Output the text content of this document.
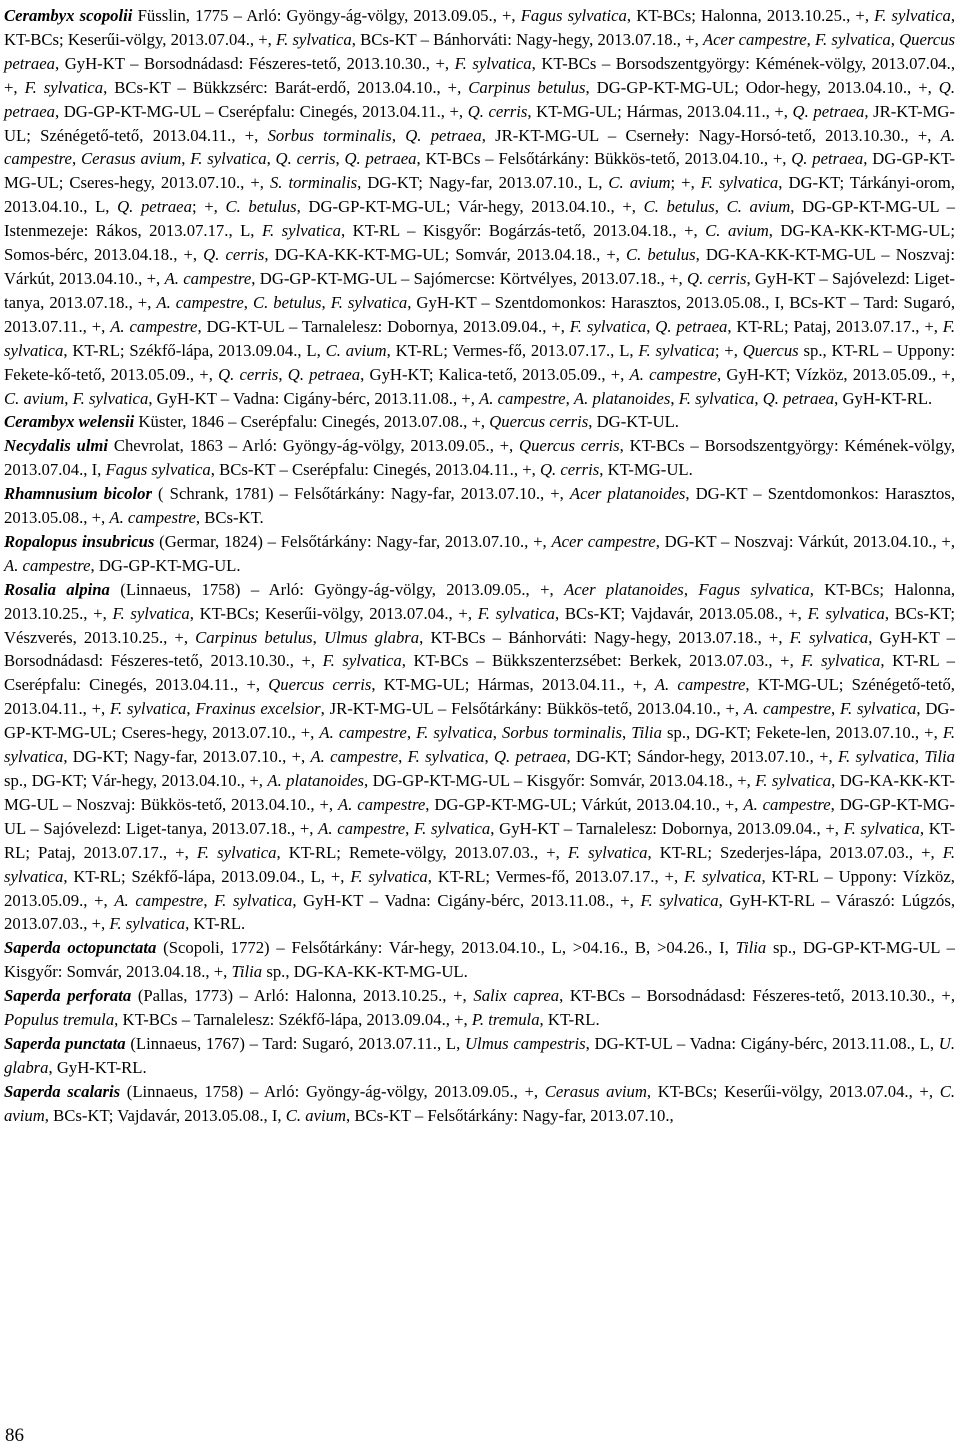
Cerambyx scopolii Füsslin, 1775 – Arló: Gyöngy-ág-völgy, 2013.09.05., +, Fagus sylvatica, KT-BCs; Halonna, 2013.10.25., +, F. sylvatica, KT-BCs; Keserűi-völgy, 2013.07.04., +, F. sylvatica, BCs-KT – Bánhorváti: Nagy-hegy, 2013.07.18., +, Acer campestre, F. sylvatica, Quercus petraea, GyH-KT – Borsodnádasd: Fészeres-tető, 2013.10.30., +, F. sylvatica, KT-BCs – Borsodszentgyörgy: Kémének-völgy, 2013.07.04., +, F. sylvatica, BCs-KT – Bükkzsérc: Barát-erdő, 2013.04.10., +, Carpinus betulus, DG-GP-KT-MG-UL; Odor-hegy, 2013.04.10., +, Q. petraea, DG-GP-KT-MG-UL – Cserépfalu: Cinegés, 2013.04.11., +, Q. cerris, KT-MG-UL; Hármas, 2013.04.11., +, Q. petraea, JR-KT-MG-UL; Szénégető-tető, 2013.04.11., +, Sorbus torminalis, Q. petraea, JR-KT-MG-UL – Cserneły: Nagy-Horsó-tető, 2013.10.30., +, A. campestre, Cerasus avium, F. sylvatica, Q. cerris, Q. petraea, KT-BCs – Felsőtárkány: Bükkös-tető, 2013.04.10., +, Q. petraea, DG-GP-KT-MG-UL; Cseres-hegy, 2013.07.10., +, S. torminalis, DG-KT; Nagy-far, 2013.07.10., L, C. avium; +, F. sylvatica, DG-KT; Tárkányi-orom, 2013.04.10., L, Q. petraea; +, C. betulus, DG-GP-KT-MG-UL; Vár-hegy, 2013.04.10., +, C. betulus, C. avium, DG-GP-KT-MG-UL – Istenmezeje: Rákos, 2013.07.17., L, F. sylvatica, KT-RL – Kisgyőr: Bogárzás-tető, 2013.04.18., +, C. avium, DG-KA-KK-KT-MG-UL; Somos-bérc, 2013.04.18., +, Q. cerris, DG-KA-KK-KT-MG-UL; Somvár, 2013.04.18., +, C. betulus, DG-KA-KK-KT-MG-UL – Noszvaj: Várkút, 2013.04.10., +, A. campestre, DG-GP-KT-MG-UL – Sajómercse: Körtvélyes, 2013.07.18., +, Q. cerris, GyH-KT – Sajóvelezd: Liget-tanya, 2013.07.18., +, A. campestre, C. betulus, F. sylvatica, GyH-KT – Szentdomonkos: Harasztos, 2013.05.08., I, BCs-KT – Tard: Sugaró, 2013.07.11., +, A. campestre, DG-KT-UL – Tarnalelesz: Dobornya, 2013.09.04., +, F. sylvatica, Q. petraea, KT-RL; Pataj, 2013.07.17., +, F. sylvatica, KT-RL; Székfő-lápa, 2013.09.04., L, C. avium, KT-RL; Vermes-fő, 2013.07.17., L, F. sylvatica; +, Quercus sp., KT-RL – Uppony: Fekete-kő-tető, 2013.05.09., +, Q. cerris, Q. petraea, GyH-KT; Kalica-tető, 2013.05.09., +, A. campestre, GyH-KT; Vízköz, 2013.05.09., +, C. avium, F. sylvatica, GyH-KT – Vadna: Cigány-bérc, 2013.11.08., +, A. campestre, A. platanoides, F. sylvatica, Q. petraea, GyH-KT-RL.

Cerambyx welensii Küster, 1846 – Cserépfalu: Cinegés, 2013.07.08., +, Quercus cerris, DG-KT-UL.

Necydalis ulmi Chevrolat, 1863 – Arló: Gyöngy-ág-völgy, 2013.09.05., +, Quercus cerris, KT-BCs – Borsodszentgyörgy: Kémének-völgy, 2013.07.04., I, Fagus sylvatica, BCs-KT – Cserépfalu: Cinegés, 2013.04.11., +, Q. cerris, KT-MG-UL.

Rhamnusium bicolor ( Schrank, 1781) – Felsőtárkány: Nagy-far, 2013.07.10., +, Acer platanoides, DG-KT – Szentdomonkos: Harasztos, 2013.05.08., +, A. campestre, BCs-KT.

Ropalopus insubricus (Germar, 1824) – Felsőtárkány: Nagy-far, 2013.07.10., +, Acer campestre, DG-KT – Noszvaj: Várkút, 2013.04.10., +, A. campestre, DG-GP-KT-MG-UL.

Rosalia alpina (Linnaeus, 1758) – Arló: Gyöngy-ág-völgy, 2013.09.05., +, Acer platanoides, Fagus sylvatica, KT-BCs; Halonna, 2013.10.25., +, F. sylvatica, KT-BCs; Keserűi-völgy, 2013.07.04., +, F. sylvatica, BCs-KT; Vajdavár, 2013.05.08., +, F. sylvatica, BCs-KT; Vészverés, 2013.10.25., +, Carpinus betulus, Ulmus glabra, KT-BCs – Bánhorváti: Nagy-hegy, 2013.07.18., +, F. sylvatica, GyH-KT – Borsodnádasd: Fészeres-tető, 2013.10.30., +, F. sylvatica, KT-BCs – Bükkszenterzsébet: Berkek, 2013.07.03., +, F. sylvatica, KT-RL – Cserépfalu: Cinegés, 2013.04.11., +, Quercus cerris, KT-MG-UL; Hármas, 2013.04.11., +, A. campestre, KT-MG-UL; Szénégető-tető, 2013.04.11., +, F. sylvatica, Fraxinus excelsior, JR-KT-MG-UL – Felsőtárkány: Bükkös-tető, 2013.04.10., +, A. campestre, F. sylvatica, DG-GP-KT-MG-UL; Cseres-hegy, 2013.07.10., +, A. campestre, F. sylvatica, Sorbus torminalis, Tilia sp., DG-KT; Fekete-len, 2013.07.10., +, F. sylvatica, DG-KT; Nagy-far, 2013.07.10., +, A. campestre, F. sylvatica, Q. petraea, DG-KT; Sándor-hegy, 2013.07.10., +, F. sylvatica, Tilia sp., DG-KT; Vár-hegy, 2013.04.10., +, A. platanoides, DG-GP-KT-MG-UL – Kisgyőr: Somvár, 2013.04.18., +, F. sylvatica, DG-KA-KK-KT-MG-UL – Noszvaj: Bükkös-tető, 2013.04.10., +, A. campestre, DG-GP-KT-MG-UL; Várkút, 2013.04.10., +, A. campestre, DG-GP-KT-MG-UL – Sajóvelezd: Liget-tanya, 2013.07.18., +, A. campestre, F. sylvatica, GyH-KT – Tarnalelesz: Dobornya, 2013.09.04., +, F. sylvatica, KT-RL; Pataj, 2013.07.17., +, F. sylvatica, KT-RL; Remete-völgy, 2013.07.03., +, F. sylvatica, KT-RL; Szederjes-lápa, 2013.07.03., +, F. sylvatica, KT-RL; Székfő-lápa, 2013.09.04., L, +, F. sylvatica, KT-RL; Vermes-fő, 2013.07.17., +, F. sylvatica, KT-RL – Uppony: Vízköz, 2013.05.09., +, A. campestre, F. sylvatica, GyH-KT – Vadna: Cigány-bérc, 2013.11.08., +, F. sylvatica, GyH-KT-RL – Váraszó: Lúgzós, 2013.07.03., +, F. sylvatica, KT-RL.

Saperda octopunctata (Scopoli, 1772) – Felsőtárkány: Vár-hegy, 2013.04.10., L, >04.16., B, >04.26., I, Tilia sp., DG-GP-KT-MG-UL – Kisgyőr: Somvár, 2013.04.18., +, Tilia sp., DG-KA-KK-KT-MG-UL.

Saperda perforata (Pallas, 1773) – Arló: Halonna, 2013.10.25., +, Salix caprea, KT-BCs – Borsodnádasd: Fészeres-tető, 2013.10.30., +, Populus tremula, KT-BCs – Tarnalelesz: Székfő-lápa, 2013.09.04., +, P. tremula, KT-RL.

Saperda punctata (Linnaeus, 1767) – Tard: Sugaró, 2013.07.11., L, Ulmus campestris, DG-KT-UL – Vadna: Cigány-bérc, 2013.11.08., L, U. glabra, GyH-KT-RL.

Saperda scalaris (Linnaeus, 1758) – Arló: Gyöngy-ág-völgy, 2013.09.05., +, Cerasus avium, KT-BCs; Keserűi-völgy, 2013.07.04., +, C. avium, BCs-KT; Vajdavár, 2013.05.08., I, C. avium, BCs-KT – Felsőtárkány: Nagy-far, 2013.07.10.,

86
